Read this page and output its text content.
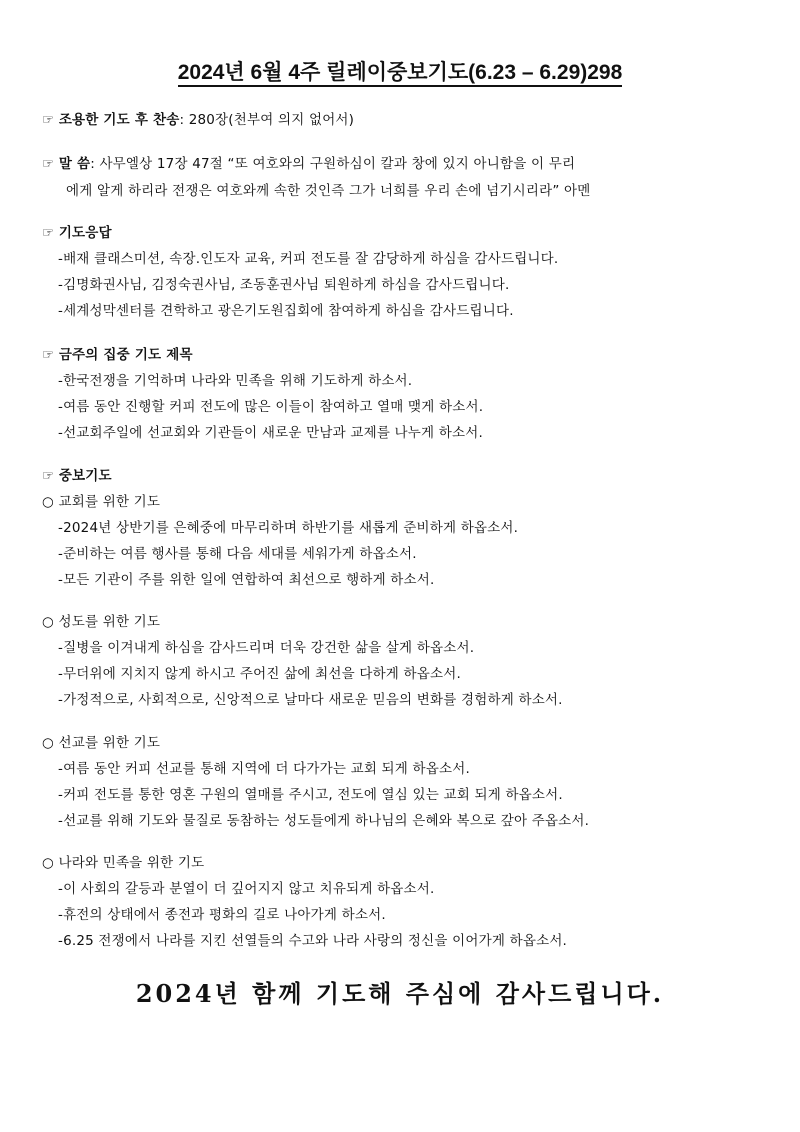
2024년 6월 4주 릴레이중보기도(6.23 – 6.29)298
☞ 조용한 기도 후 찬송: 280장(천부여 의지 없어서)
☞ 말 씀: 사무엘상 17장 47절 “또 여호와의 구원하심이 칼과 창에 있지 아니함을 이 무리
에게 알게 하리라 전쟁은 여호와께 속한 것인즉 그가 너희를 우리 손에 넘기시리라” 아멘
☞ 기도응답
-배재 클래스미션, 속장.인도자 교육, 커피 전도를 잘 감당하게 하심을 감사드립니다.
-김명화권사님, 김정숙권사님, 조동훈권사님 퇴원하게 하심을 감사드립니다.
-세계성막센터를 견학하고 광은기도원집회에 참여하게 하심을 감사드립니다.
☞ 금주의 집중 기도 제목
-한국전쟁을 기억하며 나라와 민족을 위해 기도하게 하소서.
-여름 동안 진행할 커피 전도에 많은 이들이 참여하고 열매 맺게 하소서.
-선교회주일에 선교회와 기관들이 새로운 만남과 교제를 나누게 하소서.
☞ 중보기도
○ 교회를 위한 기도
-2024년 상반기를 은혜중에 마무리하며 하반기를 새롭게 준비하게 하옵소서.
-준비하는 여름 행사를 통해 다음 세대를 세워가게 하옵소서.
-모든 기관이 주를 위한 일에 연합하여 최선으로 행하게 하소서.
○ 성도를 위한 기도
-질병을 이겨내게 하심을 감사드리며 더욱 강건한 삶을 살게 하옵소서.
-무더위에 지치지 않게 하시고 주어진 삶에 최선을 다하게 하옵소서.
-가정적으로, 사회적으로, 신앙적으로 날마다 새로운 믿음의 변화를 경험하게 하소서.
○ 선교를 위한 기도
-여름 동안 커피 선교를 통해 지역에 더 다가가는 교회 되게 하옵소서.
-커피 전도를 통한 영혼 구원의 열매를 주시고, 전도에 열심 있는 교회 되게 하옵소서.
-선교를 위해 기도와 물질로 동참하는 성도들에게 하나님의 은혜와 복으로 갚아 주옵소서.
○ 나라와 민족을 위한 기도
-이 사회의 갈등과 분열이 더 깊어지지 않고 치유되게 하옵소서.
-휴전의 상태에서 종전과 평화의 길로 나아가게 하소서.
-6.25 전쟁에서 나라를 지킨 선열들의 수고와 나라 사랑의 정신을 이어가게 하옵소서.
2024년 함께 기도해 주심에 감사드립니다.
